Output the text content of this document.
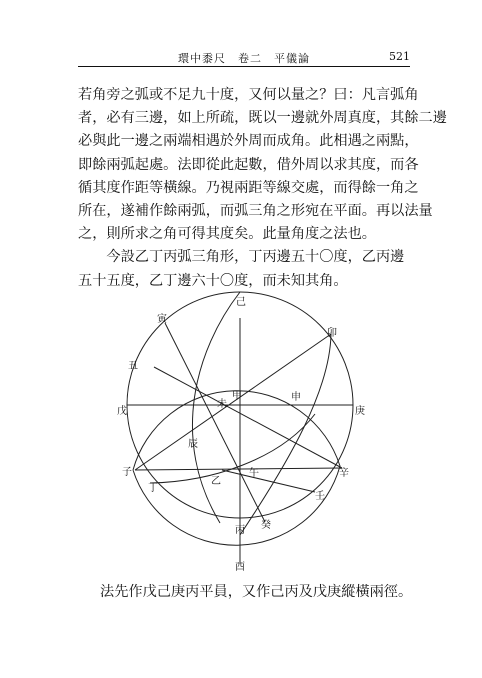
環中黍尺　卷二　平儀論	521
若角旁之弧或不足九十度，又何以量之？曰：凡言弧角
者，必有三邊，如上所疏，既以一邊就外周真度，其餘二邊
必與此一邊之兩端相遇於外周而成角。此相遇之兩點，
即餘兩弧起處。法即從此起數，借外周以求其度，而各
循其度作距等橫線。乃視兩距等線交處，而得餘一角之
所在，遂補作餘兩弧，而弧三角之形宛在平面。再以法量
之，則所求之角可得其度矣。此量角度之法也。
今設乙丁丙弧三角形，丁丙邊五十〇度，乙丙邊
五十五度，乙丁邊六十〇度，而未知其角。
己
寅
卯
丑
戊
甲
未
申
庚
辰
子	辛
乙
午
丁
壬
丙 癸
酉
法先作戊己庚丙平員，又作己丙及戊庚縱橫兩徑。
